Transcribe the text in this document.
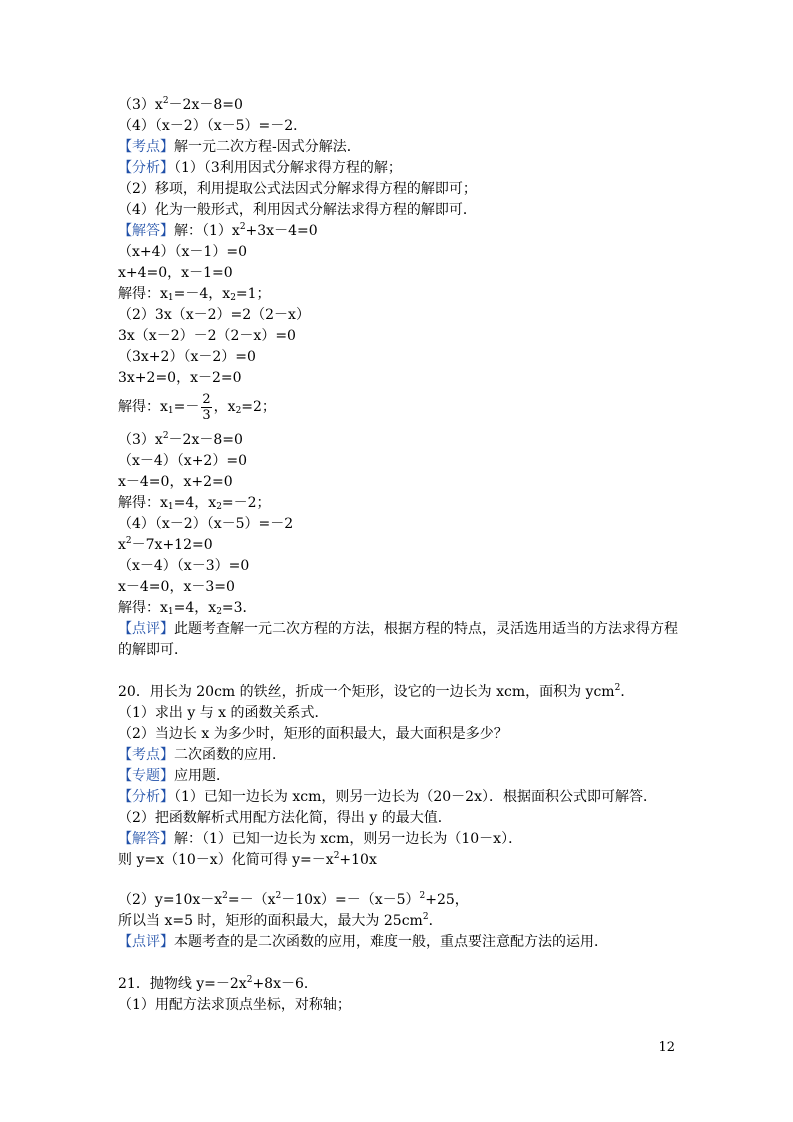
$(3)x^2-2x-8=0$
（4）（x－2）（x－5）=－2．
【考点】解一元二次方程-因式分解法．
【分析】（1）（3利用因式分解求得方程的解；
（2）移项，利用提取公式法因式分解求得方程的解即可；
（4）化为一般形式，利用因式分解法求得方程的解即可．
【解答】解：$(1)x^2+3x-4=0$
（x+4）（x－1）=0
x+4=0，x－1=0
解得：$x_1=-4$，$x_2=1$；
（2）3x（x－2）=2（2－x）
3x（x－2）－2（2－x）=0
（3x+2）（x－2）=0
3x+2=0，x－2=0
解得：$x_1=- \frac{2}{3}$ ，$x_2=2$；
$(3)x^2-2x-8=0$
（x－4）（x+2）=0
x－4=0，x+2=0
解得：$x_1=4$，$x_2=-2$；
（4）（x－2）（x－5）=－2
$x^2-7x+12=0$
（x－4）（x－3）=0
x－4=0，x－3=0
解得：$x_1=4$，$x_2=3$．
【点评】此题考查解一元二次方程的方法，根据方程的特点，灵活选用适当的方法求得方程
的解即可．
20．用长为 20cm 的铁丝，折成一个矩形，设它的一边长为 xcm，面积为 ycm$^2$．
（1）求出 y 与 x 的函数关系式．
（2）当边长 x 为多少时，矩形的面积最大，最大面积是多少？
【考点】二次函数的应用．
【专题】应用题．
【分析】（1）已知一边长为 xcm，则另一边长为（20－2x）．根据面积公式即可解答．
（2）把函数解析式用配方法化简，得出 y 的最大值．
【解答】解：（1）已知一边长为 xcm，则另一边长为（10－x）．
则 y=x（10－x）化简可得 $y=-x^2+10x$
$(2)y=10x-x^2=-(x^2-10x)=-(x-5)^2+25$，
所以当 x=5 时，矩形的面积最大，最大为 $25cm^2$．
【点评】本题考查的是二次函数的应用，难度一般，重点要注意配方法的运用．
21．抛物线 $y=-2x^2+8x-6$．
（1）用配方法求顶点坐标，对称轴；
12
